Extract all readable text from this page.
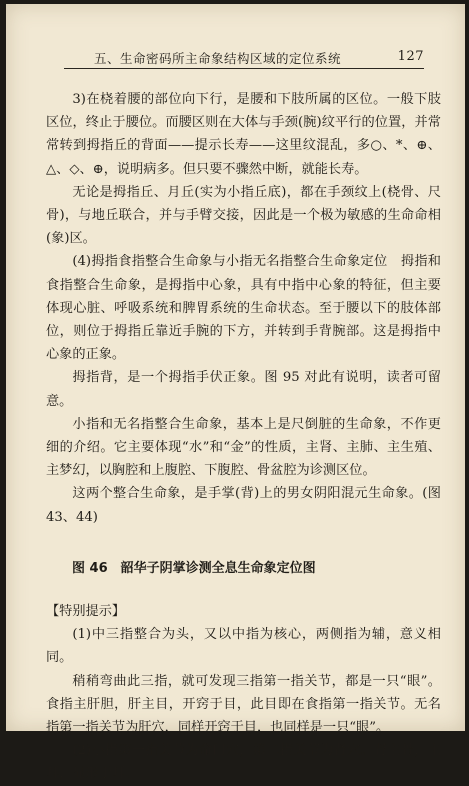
五、生命密码所主命象结构区域的定位系统	127

3)在桡着腰的部位向下行，是腰和下肢所属的区位。一般下肢区位，终止于腰位。而腰区则在大体与手颈(腕)纹平行的位置，并常常转到拇指丘的背面——提示长寿——这里纹混乱，多○、*、⊕、△、◇、⊕，说明病多。但只要不骤然中断，就能长寿。

无论是拇指丘、月丘(实为小指丘底)，都在手颈纹上(桡骨、尺骨)，与地丘联合，并与手臂交接，因此是一个极为敏感的生命命相(象)区。

(4)拇指食指整合生命象与小指无名指整合生命象定位　拇指和食指整合生命象，是拇指中心象，具有中指中心象的特征，但主要体现心脏、呼吸系统和脾胃系统的生命状态。至于腰以下的肢体部位，则位于拇指丘靠近手腕的下方，并转到手背腕部。这是拇指中心象的正象。

拇指背，是一个拇指手伏正象。图 95 对此有说明，读者可留意。

小指和无名指整合生命象，基本上是尺倒脏的生命象，不作更细的介绍。它主要体现“水”和“金”的性质，主肾、主肺、主生殖、主梦幻，以胸腔和上腹腔、下腹腔、骨盆腔为诊测区位。

这两个整合生命象，是手掌(背)上的男女阴阳混元生命象。(图 43、44)

图 46　韶华子阴掌诊测全息生命象定位图

【特别提示】

(1)中三指整合为头，又以中指为核心，两侧指为辅，意义相同。

稍稍弯曲此三指，就可发现三指第一指关节，都是一只“眼”。食指主肝胆，肝主目，开窍于目，此目即在食指第一指关节。无名指第一指关节为肝穴，同样开窍于目，也同样是一只“眼”。

(2)小指第一指关节为命门穴，第二指关节为肾穴。肾主骨，主耳，显形于耳。
